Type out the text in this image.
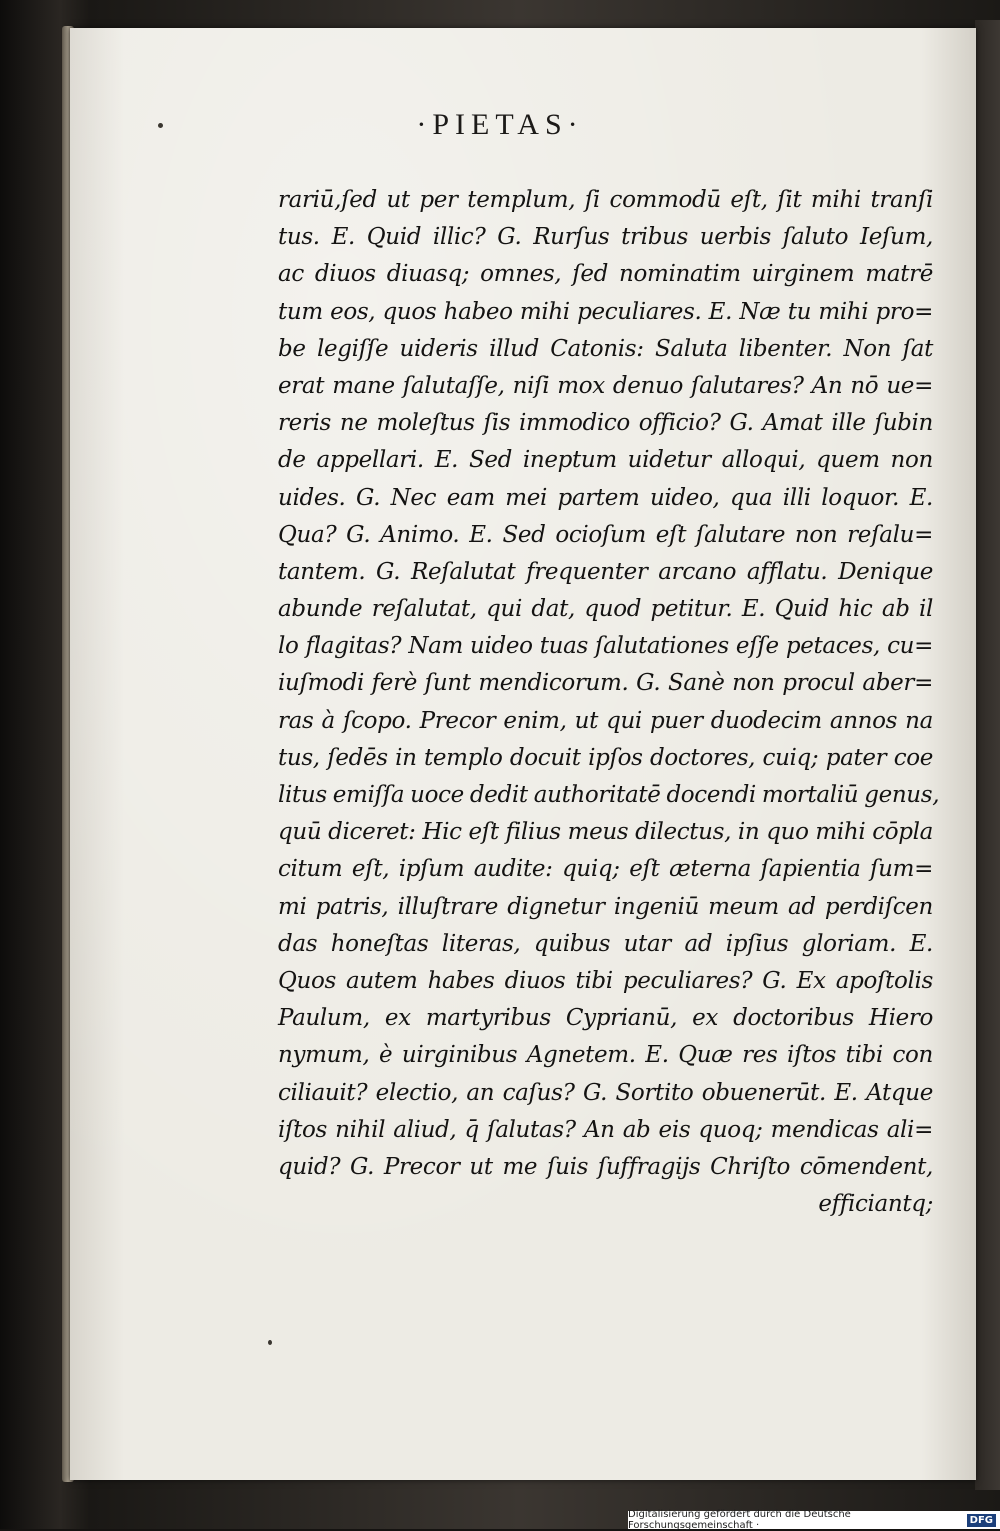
·PIETAS·
rariū,ſed ut per templum, ſi commodū eſt, ſit mihi tranſi
tus. E. Quid illic? G. Rurſus tribus uerbis ſaluto Ieſum,
ac diuos diuasq; omnes, ſed nominatim uirginem matrē
tum eos, quos habeo mihi peculiares. E. Næ tu mihi pro=
be legiſſe uideris illud Catonis: Saluta libenter. Non ſat
erat mane ſalutaſſe, niſi mox denuo ſalutares? An nō ue=
reris ne moleſtus ſis immodico officio? G. Amat ille ſubin
de appellari. E. Sed ineptum uidetur alloqui, quem non
uides. G. Nec eam mei partem uideo, qua illi loquor. E.
Qua? G. Animo. E. Sed ocioſum eſt ſalutare non reſalu=
tantem. G. Reſalutat frequenter arcano afflatu. Denique
abunde reſalutat, qui dat, quod petitur. E. Quid hic ab il
lo flagitas? Nam uideo tuas ſalutationes eſſe petaces, cu=
iuſmodi ferè ſunt mendicorum. G. Sanè non procul aber=
ras à ſcopo. Precor enim, ut qui puer duodecim annos na
tus, ſedēs in templo docuit ipſos doctores, cuiq; pater coe
litus emiſſa uoce dedit authoritatē docendi mortaliū genus,
quū diceret: Hic eſt filius meus dilectus, in quo mihi cōpla
citum eſt, ipſum audite: quiq; eſt æterna ſapientia ſum=
mi patris, illuſtrare dignetur ingeniū meum ad perdiſcen
das honeſtas literas, quibus utar ad ipſius gloriam. E.
Quos autem habes diuos tibi peculiares? G. Ex apoſtolis
Paulum, ex martyribus Cyprianū, ex doctoribus Hiero
nymum, è uirginibus Agnetem. E. Quæ res iſtos tibi con
ciliauit? electio, an caſus? G. Sortito obuenerūt. E. Atque
iſtos nihil aliud, q̄ ſalutas? An ab eis quoq; mendicas ali=
quid? G. Precor ut me ſuis ſuffragijs Chriſto cōmendent,
efficiantq;
Digitalisierung gefördert durch die Deutsche Forschungsgemeinschaft ·	DFG
